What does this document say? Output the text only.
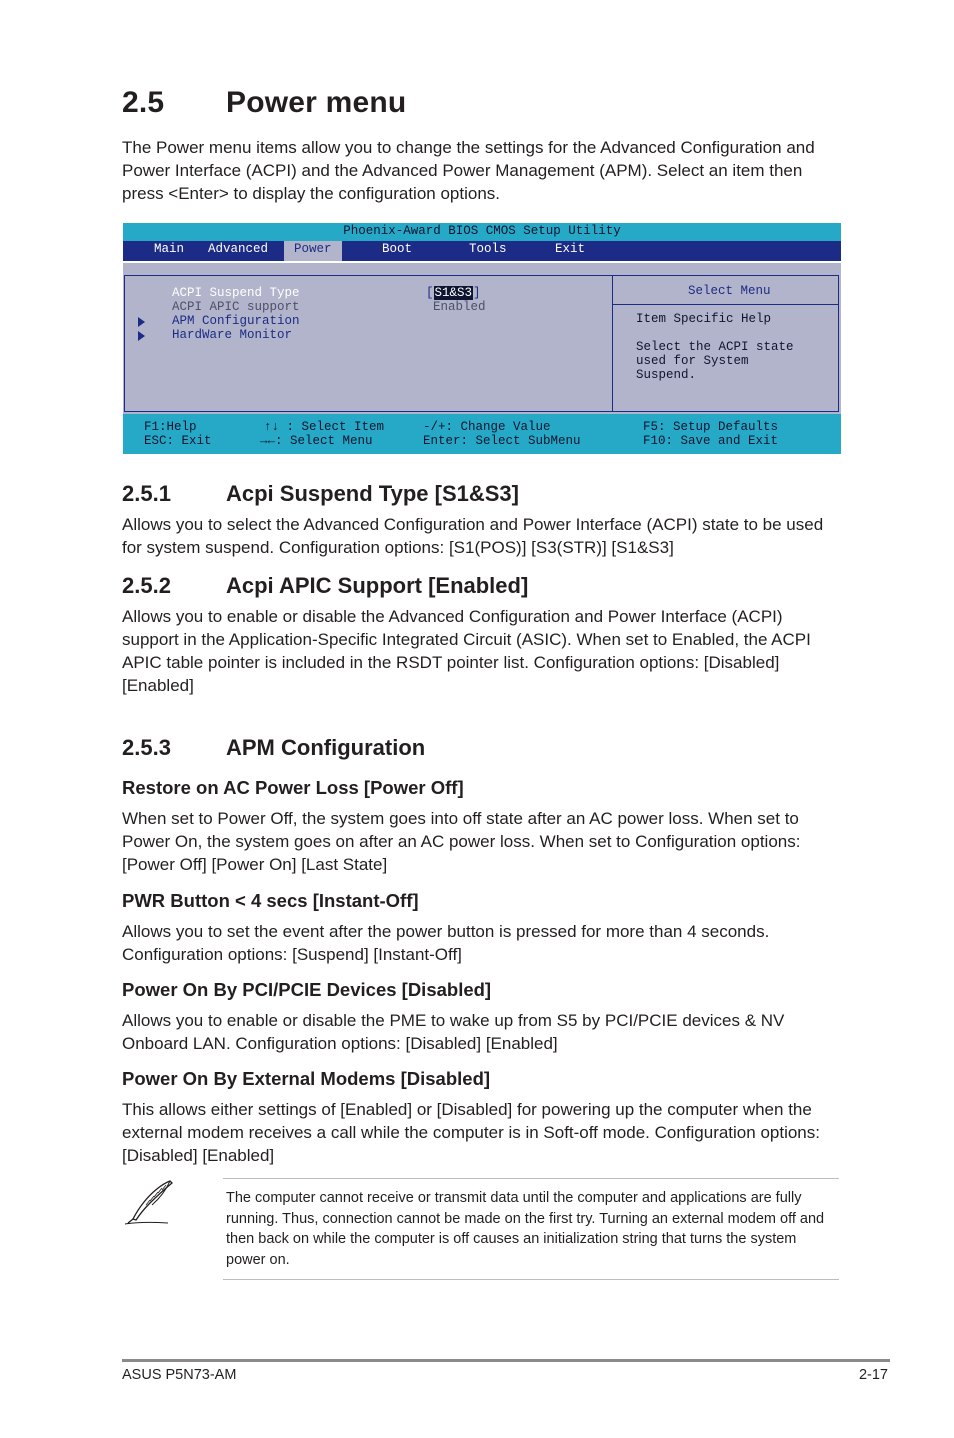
2.5 Power menu

The Power menu items allow you to change the settings for the Advanced Configuration and Power Interface (ACPI) and the Advanced Power Management (APM). Select an item then press <Enter> to display the configuration options.

Phoenix-Award BIOS CMOS Setup Utility
Main Advanced	Power	Boot	Tools	Exit
ACPI Suspend Type	[S1&S3]
ACPI APIC support	Enabled
APM Configuration
HardWare Monitor
Select Menu
Item Specific Help
Select the ACPI state
used for System
Suspend.
F1:Help	↑↓ : Select Item	-/+: Change Value	F5: Setup Defaults
ESC: Exit	→←: Select Menu	Enter: Select SubMenu	F10: Save and Exit
2.5.1	Acpi Suspend Type [S1&S3]

Allows you to select the Advanced Configuration and Power Interface (ACPI) state to be used for system suspend. Configuration options: [S1(POS)] [S3(STR)] [S1&S3]

2.5.2	Acpi APIC Support [Enabled]

Allows you to enable or disable the Advanced Configuration and Power Interface (ACPI) support in the Application-Specific Integrated Circuit (ASIC). When set to Enabled, the ACPI APIC table pointer is included in the RSDT pointer list. Configuration options: [Disabled] [Enabled]

2.5.3	APM Configuration
Restore on AC Power Loss [Power Off]

When set to Power Off, the system goes into off state after an AC power loss. When set to Power On, the system goes on after an AC power loss. When set to Configuration options: [Power Off] [Power On] [Last State]

PWR Button < 4 secs [Instant-Off]

Allows you to set the event after the power button is pressed for more than 4 seconds. Configuration options: [Suspend] [Instant-Off]

Power On By PCI/PCIE Devices [Disabled]

Allows you to enable or disable the PME to wake up from S5 by PCI/PCIE devices & NV Onboard LAN. Configuration options: [Disabled] [Enabled]

Power On By External Modems [Disabled]

This allows either settings of [Enabled] or [Disabled] for powering up the computer when the external modem receives a call while the computer is in Soft-off mode. Configuration options: [Disabled] [Enabled]

The computer cannot receive or transmit data until the computer and applications are fully running. Thus, connection cannot be made on the first try. Turning an external modem off and then back on while the computer is off causes an initialization string that turns the system power on.

ASUS P5N73-AM	2-17
